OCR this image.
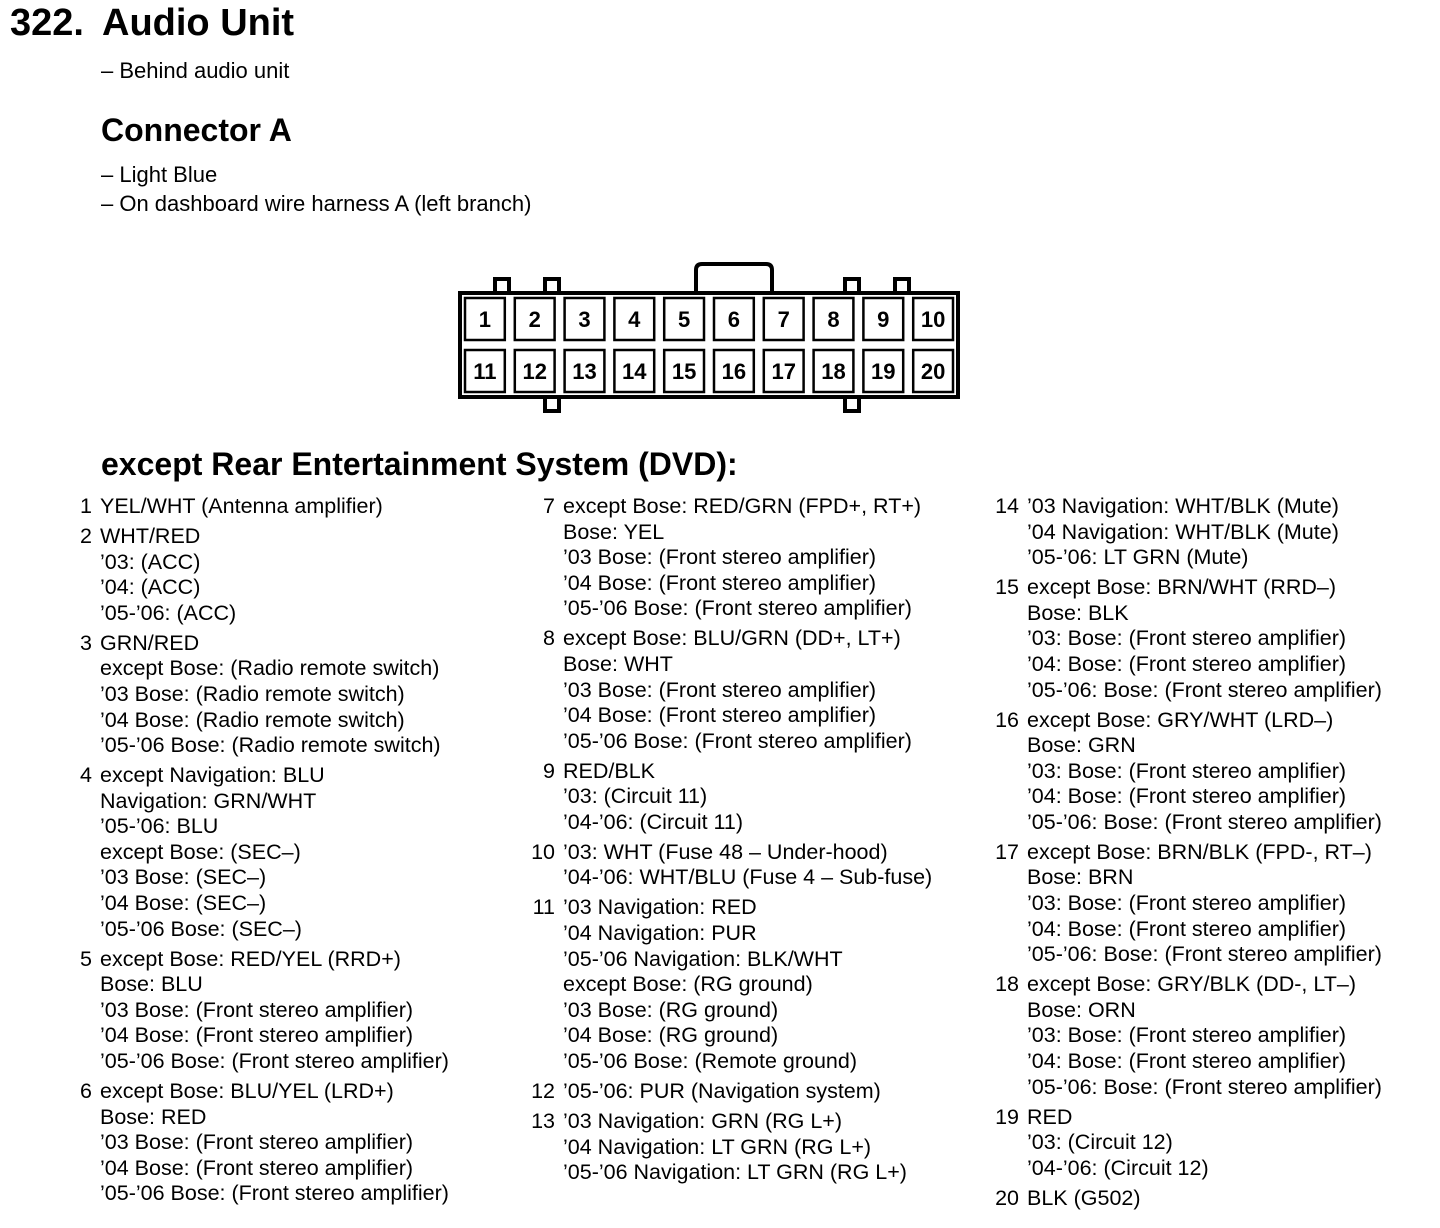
322. Audio Unit
– Behind audio unit
Connector A
– Light Blue
– On dashboard wire harness A (left branch)
1 2 3 4 5 6 7 8 9 10
11 12 13 14 15 16 17 18 19 20
except Rear Entertainment System (DVD):
1 YEL/WHT (Antenna amplifier)
2 WHT/RED
’03: (ACC)
’04: (ACC)
’05-’06: (ACC)
3 GRN/RED
except Bose: (Radio remote switch)
’03 Bose: (Radio remote switch)
’04 Bose: (Radio remote switch)
’05-’06 Bose: (Radio remote switch)
4 except Navigation: BLU
Navigation: GRN/WHT
’05-’06: BLU
except Bose: (SEC–)
’03 Bose: (SEC–)
’04 Bose: (SEC–)
’05-’06 Bose: (SEC–)
5 except Bose: RED/YEL (RRD+)
Bose: BLU
’03 Bose: (Front stereo amplifier)
’04 Bose: (Front stereo amplifier)
’05-’06 Bose: (Front stereo amplifier)
6 except Bose: BLU/YEL (LRD+)
Bose: RED
’03 Bose: (Front stereo amplifier)
’04 Bose: (Front stereo amplifier)
’05-’06 Bose: (Front stereo amplifier)
7 except Bose: RED/GRN (FPD+, RT+)
Bose: YEL
’03 Bose: (Front stereo amplifier)
’04 Bose: (Front stereo amplifier)
’05-’06 Bose: (Front stereo amplifier)
8 except Bose: BLU/GRN (DD+, LT+)
Bose: WHT
’03 Bose: (Front stereo amplifier)
’04 Bose: (Front stereo amplifier)
’05-’06 Bose: (Front stereo amplifier)
9 RED/BLK
’03: (Circuit 11)
’04-’06: (Circuit 11)
10 ’03: WHT (Fuse 48 – Under-hood)
’04-’06: WHT/BLU (Fuse 4 – Sub-fuse)
11 ’03 Navigation: RED
’04 Navigation: PUR
’05-’06 Navigation: BLK/WHT
except Bose: (RG ground)
’03 Bose: (RG ground)
’04 Bose: (RG ground)
’05-’06 Bose: (Remote ground)
12 ’05-’06: PUR (Navigation system)
13 ’03 Navigation: GRN (RG L+)
’04 Navigation: LT GRN (RG L+)
’05-’06 Navigation: LT GRN (RG L+)
14 ’03 Navigation: WHT/BLK (Mute)
’04 Navigation: WHT/BLK (Mute)
’05-’06: LT GRN (Mute)
15 except Bose: BRN/WHT (RRD–)
Bose: BLK
’03: Bose: (Front stereo amplifier)
’04: Bose: (Front stereo amplifier)
’05-’06: Bose: (Front stereo amplifier)
16 except Bose: GRY/WHT (LRD–)
Bose: GRN
’03: Bose: (Front stereo amplifier)
’04: Bose: (Front stereo amplifier)
’05-’06: Bose: (Front stereo amplifier)
17 except Bose: BRN/BLK (FPD-, RT–)
Bose: BRN
’03: Bose: (Front stereo amplifier)
’04: Bose: (Front stereo amplifier)
’05-’06: Bose: (Front stereo amplifier)
18 except Bose: GRY/BLK (DD-, LT–)
Bose: ORN
’03: Bose: (Front stereo amplifier)
’04: Bose: (Front stereo amplifier)
’05-’06: Bose: (Front stereo amplifier)
19 RED
’03: (Circuit 12)
’04-’06: (Circuit 12)
20 BLK (G502)
